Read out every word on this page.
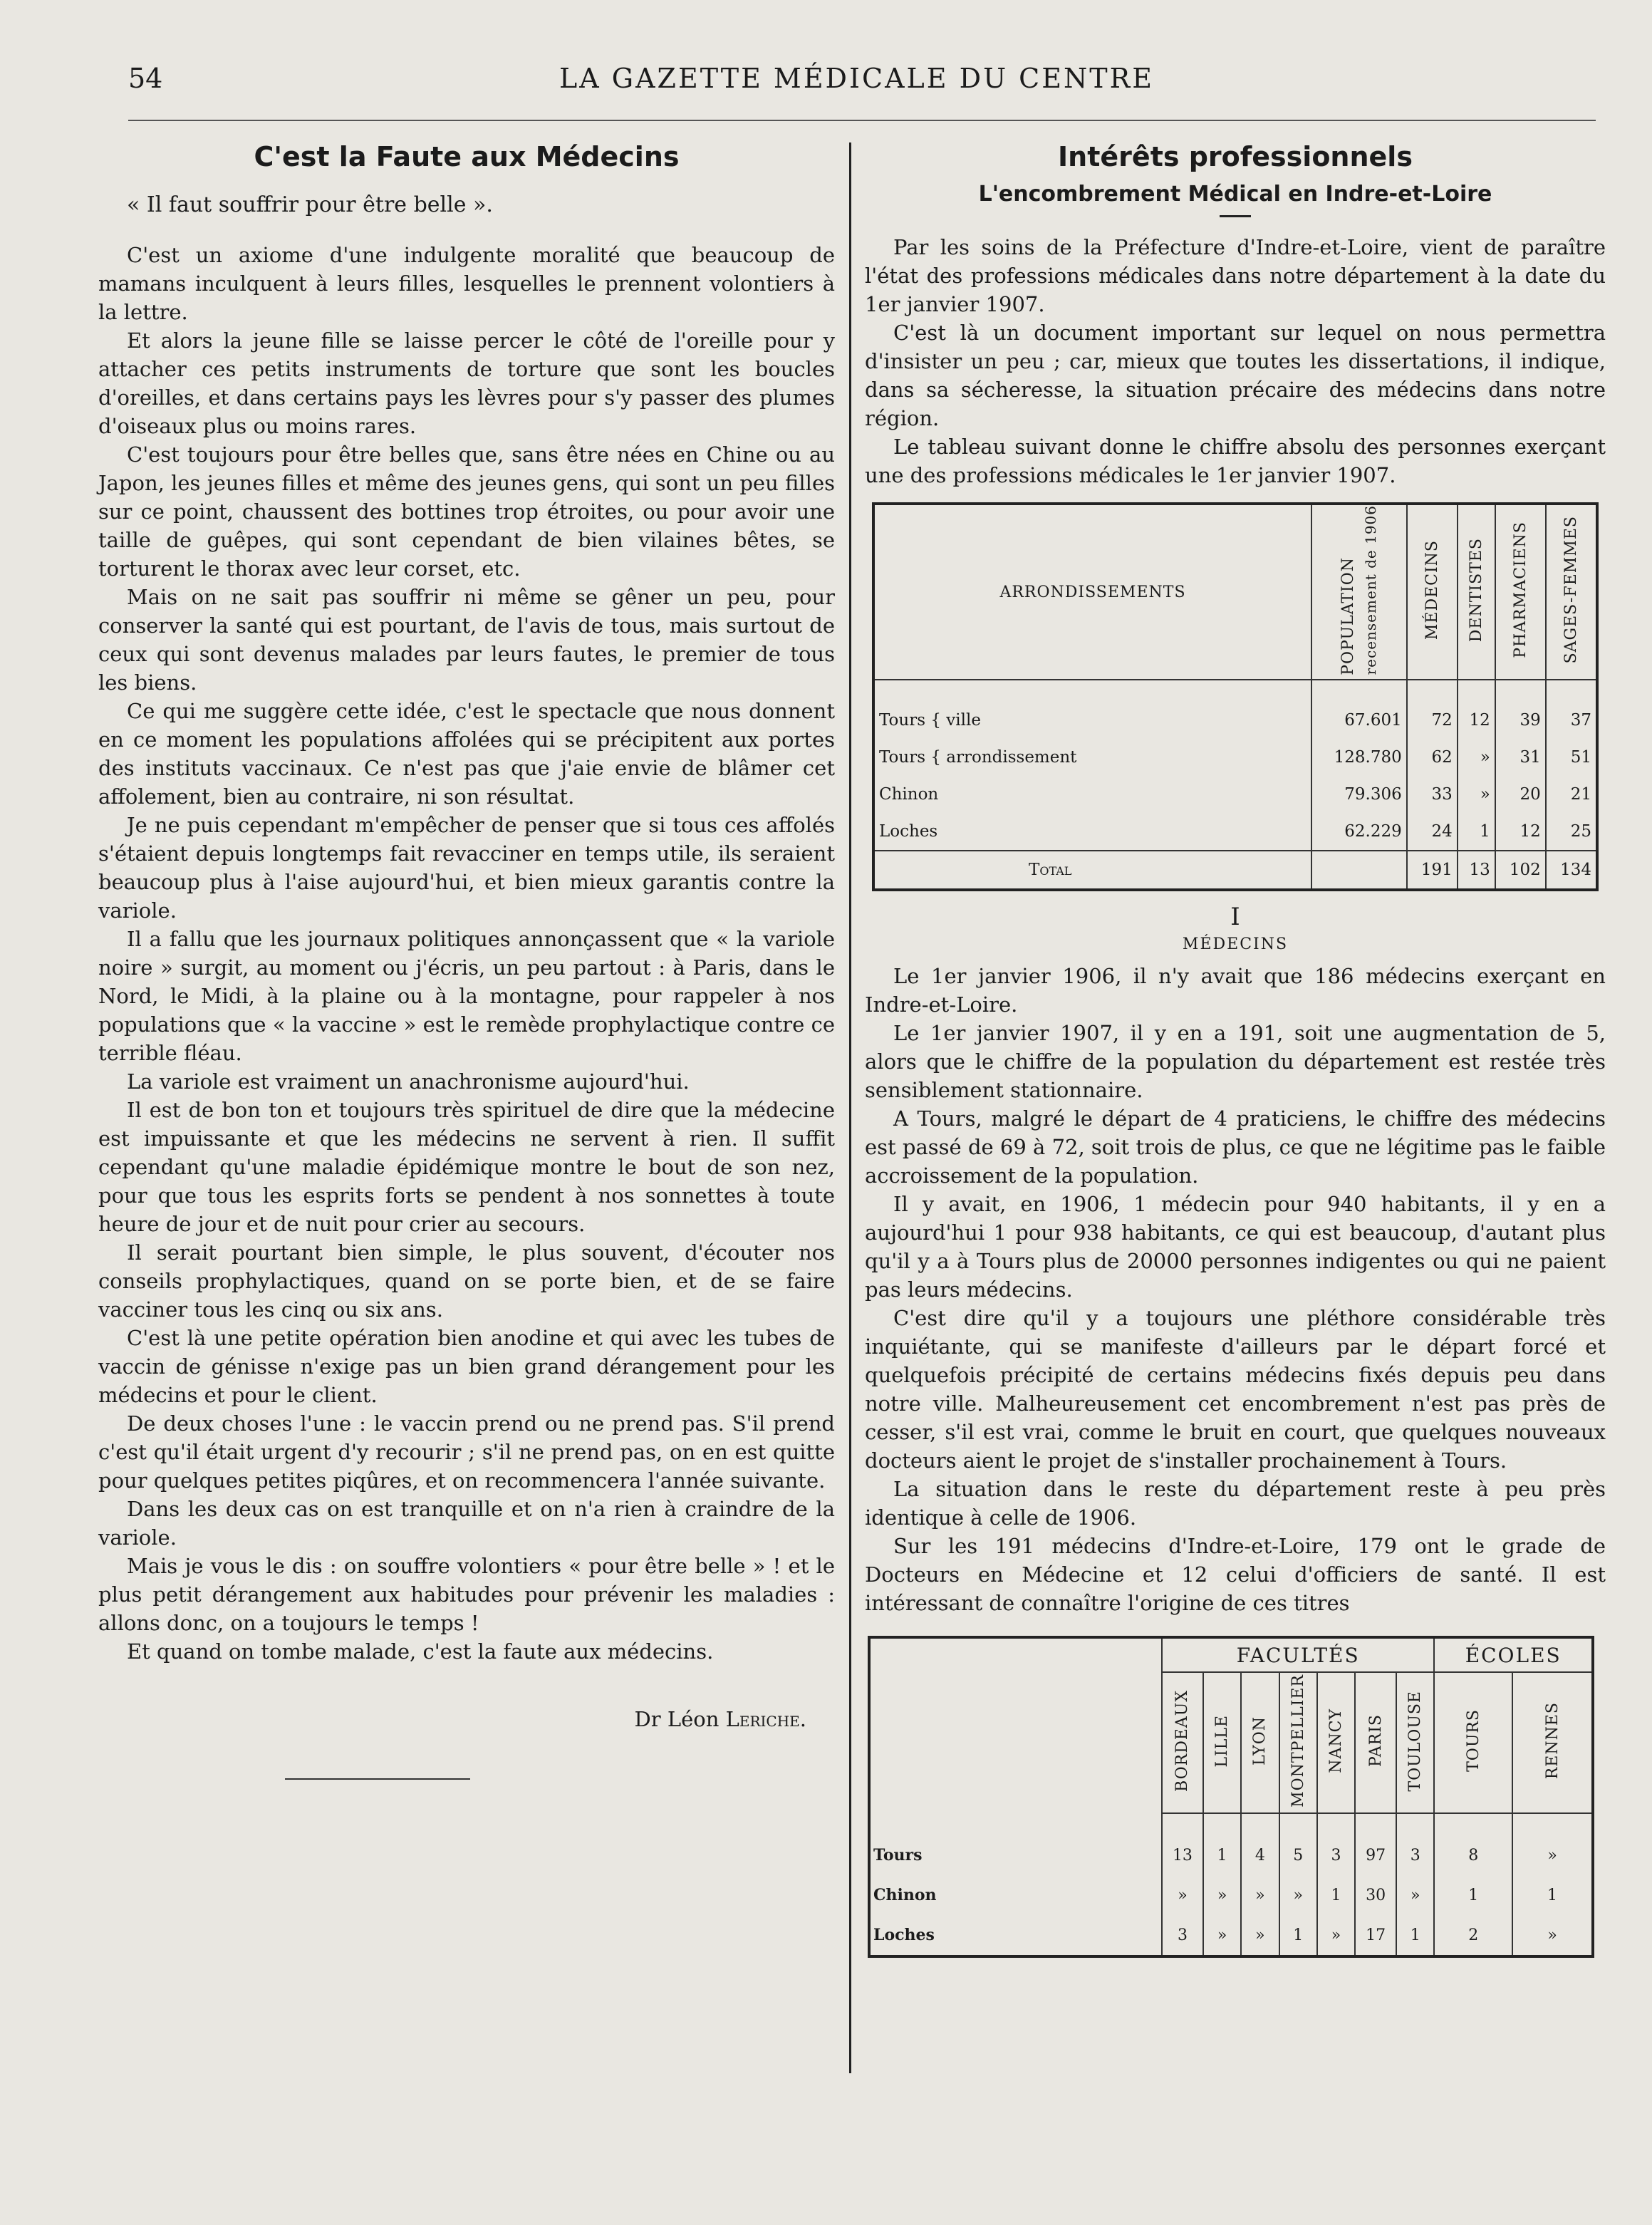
54	LA GAZETTE MÉDICALE DU CENTRE
C'est la Faute aux Médecins
« Il faut souffrir pour être belle ».

C'est un axiome d'une indulgente moralité que beaucoup de mamans inculquent à leurs filles, lesquelles le prennent volontiers à la lettre.

Et alors la jeune fille se laisse percer le côté de l'oreille pour y attacher ces petits instruments de torture que sont les boucles d'oreilles, et dans certains pays les lèvres pour s'y passer des plumes d'oiseaux plus ou moins rares.

C'est toujours pour être belles que, sans être nées en Chine ou au Japon, les jeunes filles et même des jeunes gens, qui sont un peu filles sur ce point, chaussent des bottines trop étroites, ou pour avoir une taille de guêpes, qui sont cependant de bien vilaines bêtes, se torturent le thorax avec leur corset, etc.

Mais on ne sait pas souffrir ni même se gêner un peu, pour conserver la santé qui est pourtant, de l'avis de tous, mais surtout de ceux qui sont devenus malades par leurs fautes, le premier de tous les biens.

Ce qui me suggère cette idée, c'est le spectacle que nous donnent en ce moment les populations affolées qui se précipitent aux portes des instituts vaccinaux. Ce n'est pas que j'aie envie de blâmer cet affolement, bien au contraire, ni son résultat.

Je ne puis cependant m'empêcher de penser que si tous ces affolés s'étaient depuis longtemps fait revacciner en temps utile, ils seraient beaucoup plus à l'aise aujourd'hui, et bien mieux garantis contre la variole.

Il a fallu que les journaux politiques annonçassent que « la variole noire » surgit, au moment ou j'écris, un peu partout : à Paris, dans le Nord, le Midi, à la plaine ou à la montagne, pour rappeler à nos populations que « la vaccine » est le remède prophylactique contre ce terrible fléau.

La variole est vraiment un anachronisme aujourd'hui.

Il est de bon ton et toujours très spirituel de dire que la médecine est impuissante et que les médecins ne servent à rien. Il suffit cependant qu'une maladie épidémique montre le bout de son nez, pour que tous les esprits forts se pendent à nos sonnettes à toute heure de jour et de nuit pour crier au secours.

Il serait pourtant bien simple, le plus souvent, d'écouter nos conseils prophylactiques, quand on se porte bien, et de se faire vacciner tous les cinq ou six ans.

C'est là une petite opération bien anodine et qui avec les tubes de vaccin de génisse n'exige pas un bien grand dérangement pour les médecins et pour le client.

De deux choses l'une : le vaccin prend ou ne prend pas. S'il prend c'est qu'il était urgent d'y recourir ; s'il ne prend pas, on en est quitte pour quelques petites piqûres, et on recommencera l'année suivante.

Dans les deux cas on est tranquille et on n'a rien à craindre de la variole.

Mais je vous le dis : on souffre volontiers « pour être belle » ! et le plus petit dérangement aux habitudes pour prévenir les maladies : allons donc, on a toujours le temps !

Et quand on tombe malade, c'est la faute aux médecins.

Dr Léon Leriche.
Intérêts professionnels
L'encombrement Médical en Indre-et-Loire

Par les soins de la Préfecture d'Indre-et-Loire, vient de paraître l'état des professions médicales dans notre département à la date du 1er janvier 1907.

C'est là un document important sur lequel on nous permettra d'insister un peu ; car, mieux que toutes les dissertations, il indique, dans sa sécheresse, la situation précaire des médecins dans notre région.

Le tableau suivant donne le chiffre absolu des personnes exerçant une des professions médicales le 1er janvier 1907.

ARRONDISSEMENTS	POPULATION recensement de 1906	MÉDECINS	DENTISTES	PHARMACIENS	SAGES-FEMMES
Tours { ville	67.601	72	12	39	37
Tours { arrondissement	128.780	62	»	31	51
Chinon	79.306	33	»	20	21
Loches	62.229	24	1	12	25
Total		191	13	102	134
I
MÉDECINS

Le 1er janvier 1906, il n'y avait que 186 médecins exerçant en Indre-et-Loire.

Le 1er janvier 1907, il y en a 191, soit une augmentation de 5, alors que le chiffre de la population du département est restée très sensiblement stationnaire.

A Tours, malgré le départ de 4 praticiens, le chiffre des médecins est passé de 69 à 72, soit trois de plus, ce que ne légitime pas le faible accroissement de la population.

Il y avait, en 1906, 1 médecin pour 940 habitants, il y en a aujourd'hui 1 pour 938 habitants, ce qui est beaucoup, d'autant plus qu'il y a à Tours plus de 20000 personnes indigentes ou qui ne paient pas leurs médecins.

C'est dire qu'il y a toujours une pléthore considérable très inquiétante, qui se manifeste d'ailleurs par le départ forcé et quelquefois précipité de certains médecins fixés depuis peu dans notre ville. Malheureusement cet encombrement n'est pas près de cesser, s'il est vrai, comme le bruit en court, que quelques nouveaux docteurs aient le projet de s'installer prochainement à Tours.

La situation dans le reste du département reste à peu près identique à celle de 1906.

Sur les 191 médecins d'Indre-et-Loire, 179 ont le grade de Docteurs en Médecine et 12 celui d'officiers de santé. Il est intéressant de connaître l'origine de ces titres

	FACULTÉS							ÉCOLES	
	BORDEAUX	LILLE	LYON	MONTPELLIER	NANCY	PARIS	TOULOUSE	TOURS	RENNES
Tours	13	1	4	5	3	97	3	8	»
Chinon	»	»	»	»	1	30	»	1	1
Loches	3	»	»	1	»	17	1	2	»
